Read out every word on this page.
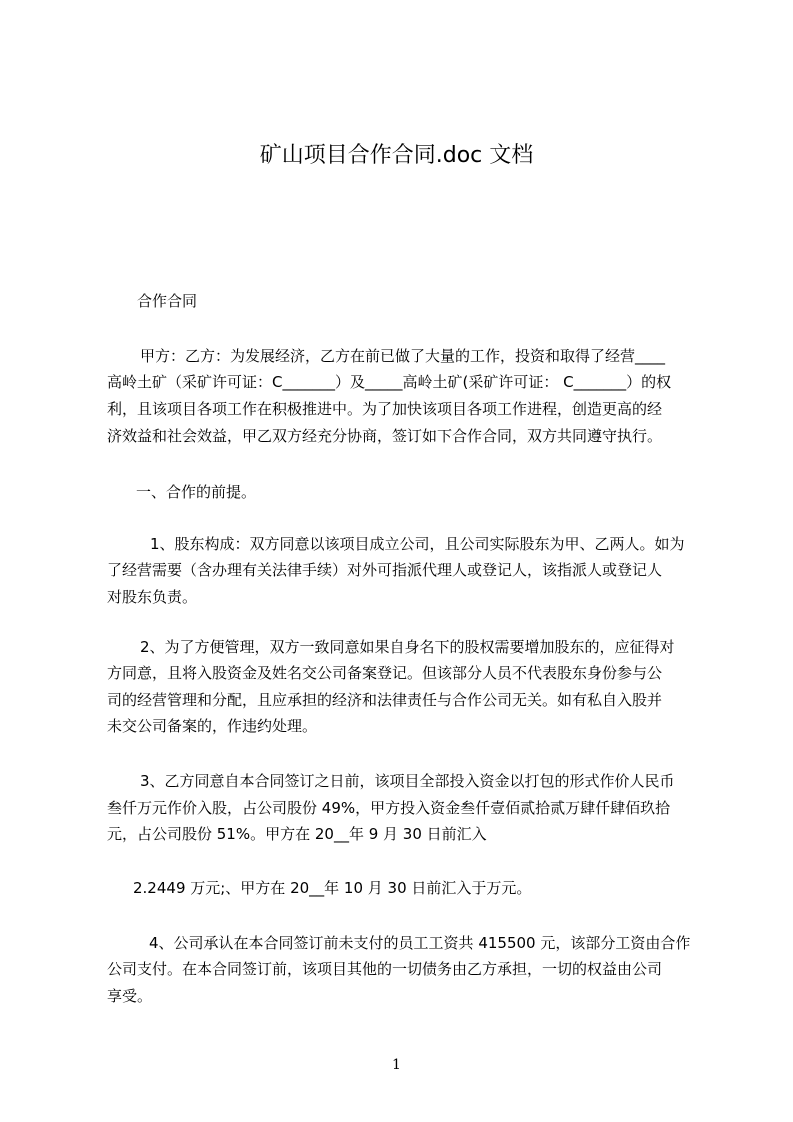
矿山项目合作合同.doc 文档

合作合同

甲方：乙方：为发展经济，乙方在前已做了大量的工作，投资和取得了经营____

高岭土矿（采矿许可证：C_______）及_____高岭土矿(采矿许可证： C_______）的权

利，且该项目各项工作在积极推进中。为了加快该项目各项工作进程，创造更高的经

济效益和社会效益，甲乙双方经充分协商，签订如下合作合同，双方共同遵守执行。

一、合作的前提。

1、股东构成：双方同意以该项目成立公司，且公司实际股东为甲、乙两人。如为

了经营需要（含办理有关法律手续）对外可指派代理人或登记人，该指派人或登记人

对股东负责。

2、为了方便管理，双方一致同意如果自身名下的股权需要增加股东的，应征得对

方同意，且将入股资金及姓名交公司备案登记。但该部分人员不代表股东身份参与公

司的经营管理和分配，且应承担的经济和法律责任与合作公司无关。如有私自入股并

未交公司备案的，作违约处理。

3、乙方同意自本合同签订之日前，该项目全部投入资金以打包的形式作价人民币

叁仟万元作价入股，占公司股份 49%，甲方投入资金叁仟壹佰贰拾贰万肆仟肆佰玖拾

元，占公司股份 51%。甲方在 20__年 9 月 30 日前汇入

2.2449 万元;、甲方在 20__年 10 月 30 日前汇入于万元。

4、公司承认在本合同签订前未支付的员工工资共 415500 元，该部分工资由合作

公司支付。在本合同签订前，该项目其他的一切债务由乙方承担，一切的权益由公司

享受。

1
